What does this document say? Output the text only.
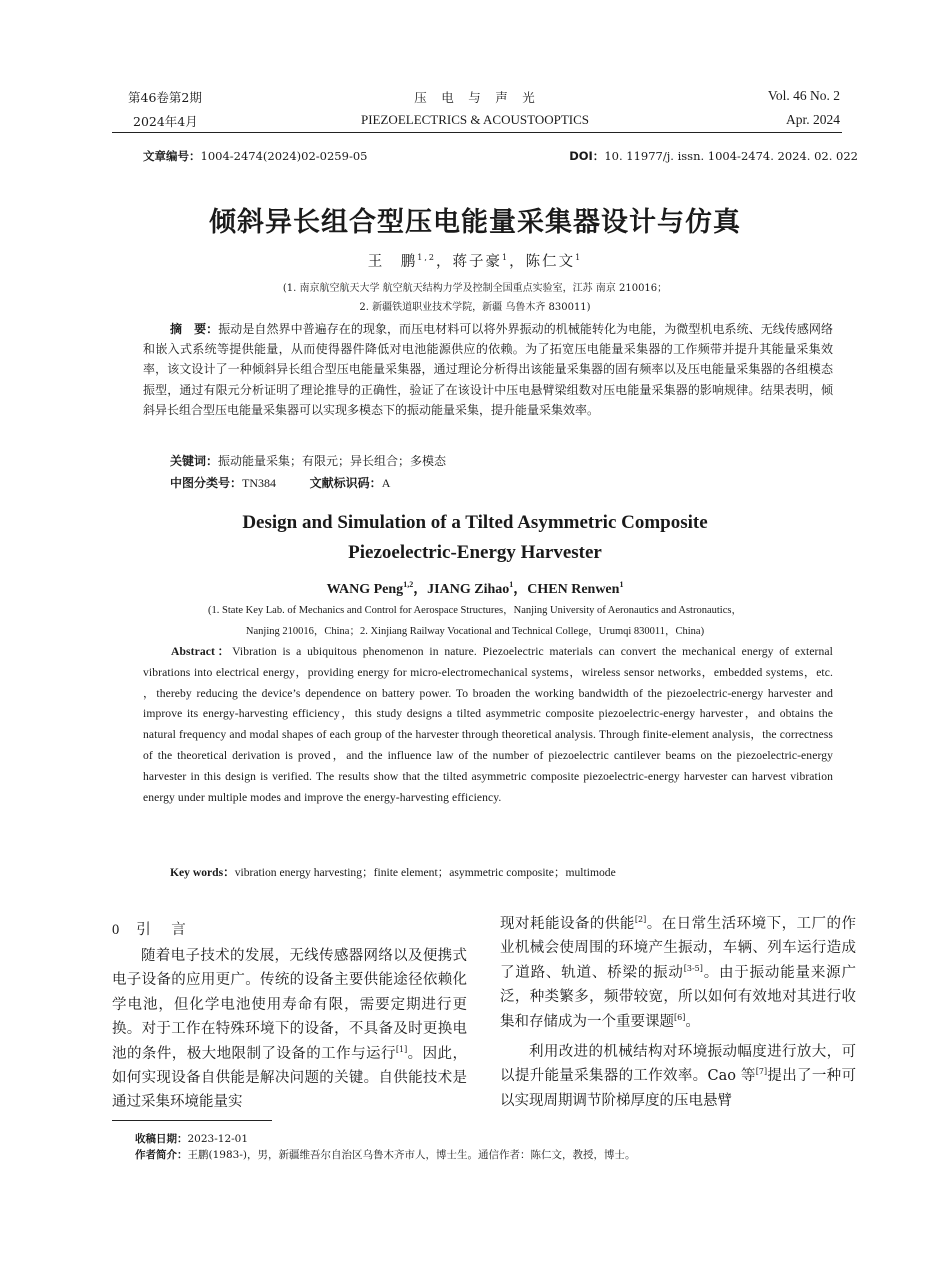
第46卷第2期
2024年4月
压　电　与　声　光
PIEZOELECTRICS & ACOUSTOOPTICS
Vol. 46 No. 2
Apr. 2024
文章编号：1004-2474(2024)02-0259-05	DOI：10. 11977/j. issn. 1004-2474. 2024. 02. 022
倾斜异长组合型压电能量采集器设计与仿真
王　鹏$^{1,2}$，蒋子豪$^1$，陈仁文$^1$
(1. 南京航空航天大学 航空航天结构力学及控制全国重点实验室，江苏 南京 210016；
2. 新疆铁道职业技术学院，新疆 乌鲁木齐 830011)
摘　要：振动是自然界中普遍存在的现象，而压电材料可以将外界振动的机械能转化为电能，为微型机电系统、无线传感网络和嵌入式系统等提供能量，从而使得器件降低对电池能源供应的依赖。为了拓宽压电能量采集器的工作频带并提升其能量采集效率，该文设计了一种倾斜异长组合型压电能量采集器，通过理论分析得出该能量采集器的固有频率以及压电能量采集器的各组模态振型，通过有限元分析证明了理论推导的正确性，验证了在该设计中压电悬臂梁组数对压电能量采集器的影响规律。结果表明，倾斜异长组合型压电能量采集器可以实现多模态下的振动能量采集，提升能量采集效率。
关键词：振动能量采集；有限元；异长组合；多模态
中图分类号：TN384	文献标识码：A
Design and Simulation of a Tilted Asymmetric Composite
Piezoelectric-Energy Harvester
WANG Peng$^{1,2}$，JIANG Zihao$^1$，CHEN Renwen$^1$
(1. State Key Lab. of Mechanics and Control for Aerospace Structures，Nanjing University of Aeronautics and Astronautics，
Nanjing 210016，China；2. Xinjiang Railway Vocational and Technical College，Urumqi 830011，China)
Abstract：Vibration is a ubiquitous phenomenon in nature. Piezoelectric materials can convert the mechanical energy of external vibrations into electrical energy，providing energy for micro-electromechanical systems，wireless sensor networks，embedded systems，etc. ，thereby reducing the device’s dependence on battery power. To broaden the working bandwidth of the piezoelectric-energy harvester and improve its energy-harvesting efficiency，this study designs a tilted asymmetric composite piezoelectric-energy harvester，and obtains the natural frequency and modal shapes of each group of the harvester through theoretical analysis. Through finite-element analysis，the correctness of the theoretical derivation is proved，and the influence law of the number of piezoelectric cantilever beams on the piezoelectric-energy harvester in this design is verified. The results show that the tilted asymmetric composite piezoelectric-energy harvester can harvest vibration energy under multiple modes and improve the energy-harvesting efficiency.
Key words：vibration energy harvesting；finite element；asymmetric composite；multimode
0 引　言

随着电子技术的发展，无线传感器网络以及便携式电子设备的应用更广。传统的设备主要供能途径依赖化学电池，但化学电池使用寿命有限，需要定期进行更换。对于工作在特殊环境下的设备，不具备及时更换电池的条件，极大地限制了设备的工作与运行[1]。因此，如何实现设备自供能是解决问题的关键。自供能技术是通过采集环境能量实

现对耗能设备的供能[2]。在日常生活环境下，工厂的作业机械会使周围的环境产生振动，车辆、列车运行造成了道路、轨道、桥梁的振动[3-5]。由于振动能量来源广泛，种类繁多，频带较宽，所以如何有效地对其进行收集和存储成为一个重要课题[6]。

利用改进的机械结构对环境振动幅度进行放大，可以提升能量采集器的工作效率。Cao 等[7]提出了一种可以实现周期调节阶梯厚度的压电悬臂

收稿日期：2023-12-01
作者简介：王鹏(1983-)，男，新疆维吾尔自治区乌鲁木齐市人，博士生。通信作者：陈仁文，教授，博士。
